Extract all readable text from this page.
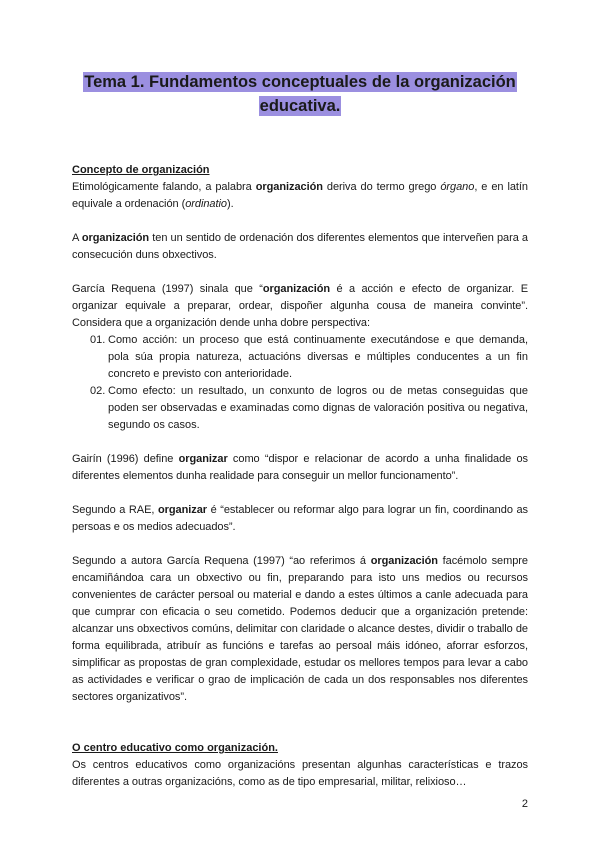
Tema 1. Fundamentos conceptuales de la organización
educativa.

Concepto de organización

Etimológicamente falando, a palabra organización deriva do termo grego órgano, e en latín equivale a ordenación (ordinatio).

A organización ten un sentido de ordenación dos diferentes elementos que interveñen para a consecución duns obxectivos.

García Requena (1997) sinala que “organización é a acción e efecto de organizar. E organizar equivale a preparar, ordear, dispoñer algunha cousa de maneira convinte”. Considera que a organización dende unha dobre perspectiva:

01. Como acción: un proceso que está continuamente executándose e que demanda, pola súa propia natureza, actuacións diversas e múltiples conducentes a un fin concreto e previsto con anterioridade.
02. Como efecto: un resultado, un conxunto de logros ou de metas conseguidas que poden ser observadas e examinadas como dignas de valoración positiva ou negativa, segundo os casos.

Gairín (1996) define organizar como “dispor e relacionar de acordo a unha finalidade os diferentes elementos dunha realidade para conseguir un mellor funcionamento”.

Segundo a RAE, organizar é “establecer ou reformar algo para lograr un fin, coordinando as persoas e os medios adecuados”.

Segundo a autora García Requena (1997) “ao referimos á organización facémolo sempre encamiñándoa cara un obxectivo ou fin, preparando para isto uns medios ou recursos convenientes de carácter persoal ou material e dando a estes últimos a canle adecuada para que cumprar con eficacia o seu cometido. Podemos deducir que a organización pretende: alcanzar uns obxectivos comúns, delimitar con claridade o alcance destes, dividir o traballo de forma equilibrada, atribuír as funcións e tarefas ao persoal máis idóneo, aforrar esforzos, simplificar as propostas de gran complexidade, estudar os mellores tempos para levar a cabo as actividades e verificar o grao de implicación de cada un dos responsables nos diferentes sectores organizativos”.

O centro educativo como organización.

Os centros educativos como organizacións presentan algunhas características e trazos diferentes a outras organizacións, como as de tipo empresarial, militar, relixioso…

2
